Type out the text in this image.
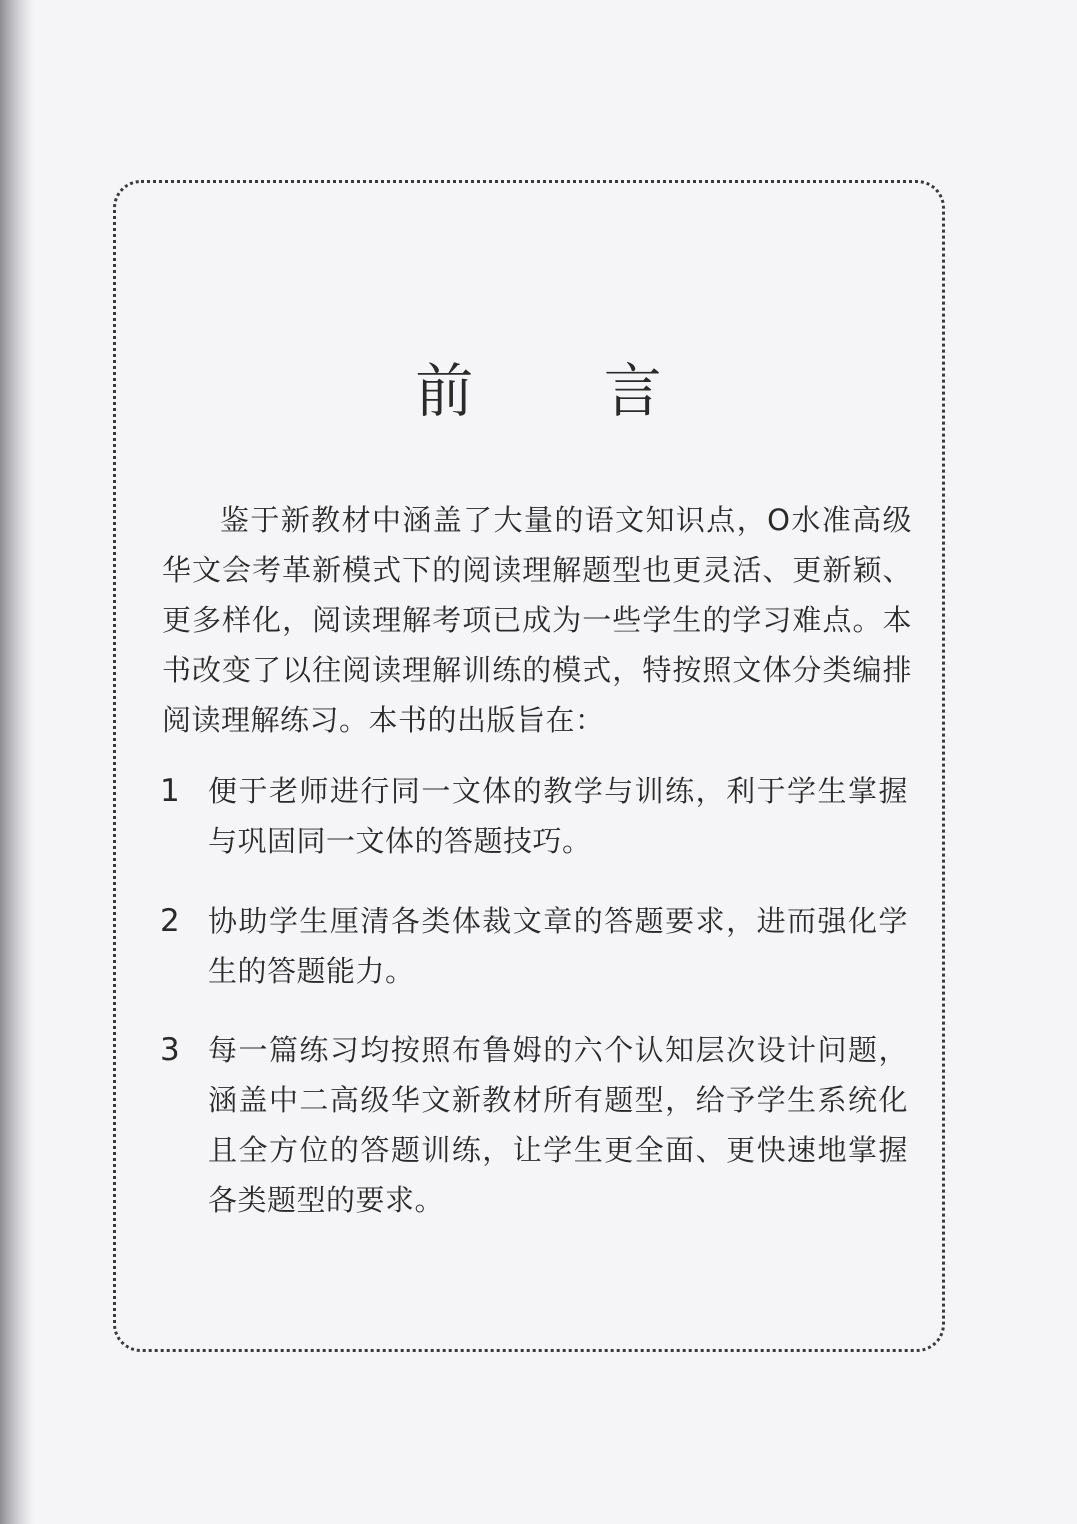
前 言

鉴于新教材中涵盖了大量的语文知识点，O水准高级华文会考革新模式下的阅读理解题型也更灵活、更新颖、更多样化，阅读理解考项已成为一些学生的学习难点。本书改变了以往阅读理解训练的模式，特按照文体分类编排阅读理解练习。本书的出版旨在：

1 便于老师进行同一文体的教学与训练，利于学生掌握与巩固同一文体的答题技巧。
2 协助学生厘清各类体裁文章的答题要求，进而强化学生的答题能力。
3 每一篇练习均按照布鲁姆的六个认知层次设计问题，涵盖中二高级华文新教材所有题型，给予学生系统化且全方位的答题训练，让学生更全面、更快速地掌握各类题型的要求。
